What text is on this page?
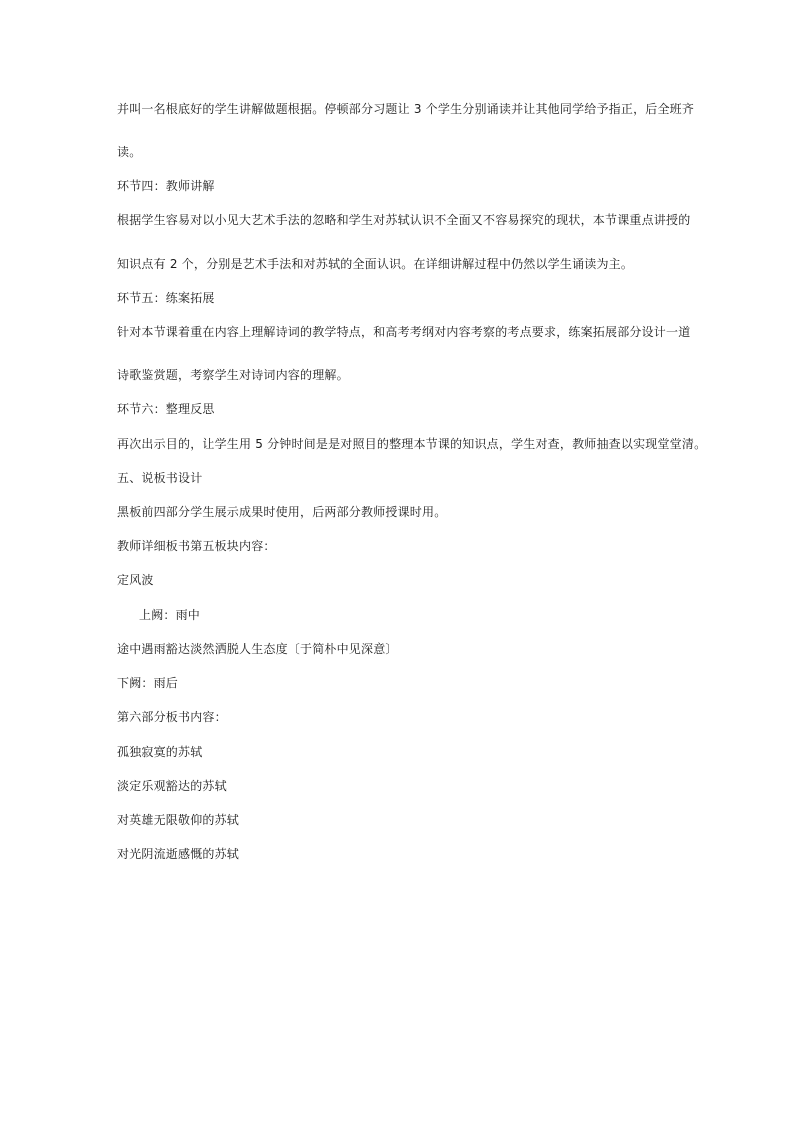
并叫一名根底好的学生讲解做题根据。停顿部分习题让 3 个学生分别诵读并让其他同学给予指正，后全班齐
读。
环节四：教师讲解
根据学生容易对以小见大艺术手法的忽略和学生对苏轼认识不全面又不容易探究的现状，本节课重点讲授的
知识点有 2 个，分别是艺术手法和对苏轼的全面认识。在详细讲解过程中仍然以学生诵读为主。
环节五：练案拓展
针对本节课着重在内容上理解诗词的教学特点，和高考考纲对内容考察的考点要求，练案拓展部分设计一道
诗歌鉴赏题，考察学生对诗词内容的理解。
环节六：整理反思
再次出示目的，让学生用 5 分钟时间是是对照目的整理本节课的知识点，学生对查，教师抽查以实现堂堂清。
五、说板书设计
黑板前四部分学生展示成果时使用，后两部分教师授课时用。
教师详细板书第五板块内容：
定风波
上阙：雨中
途中遇雨豁达淡然洒脱人生态度〔于简朴中见深意〕
下阙：雨后
第六部分板书内容：
孤独寂寞的苏轼
淡定乐观豁达的苏轼
对英雄无限敬仰的苏轼
对光阴流逝感慨的苏轼
